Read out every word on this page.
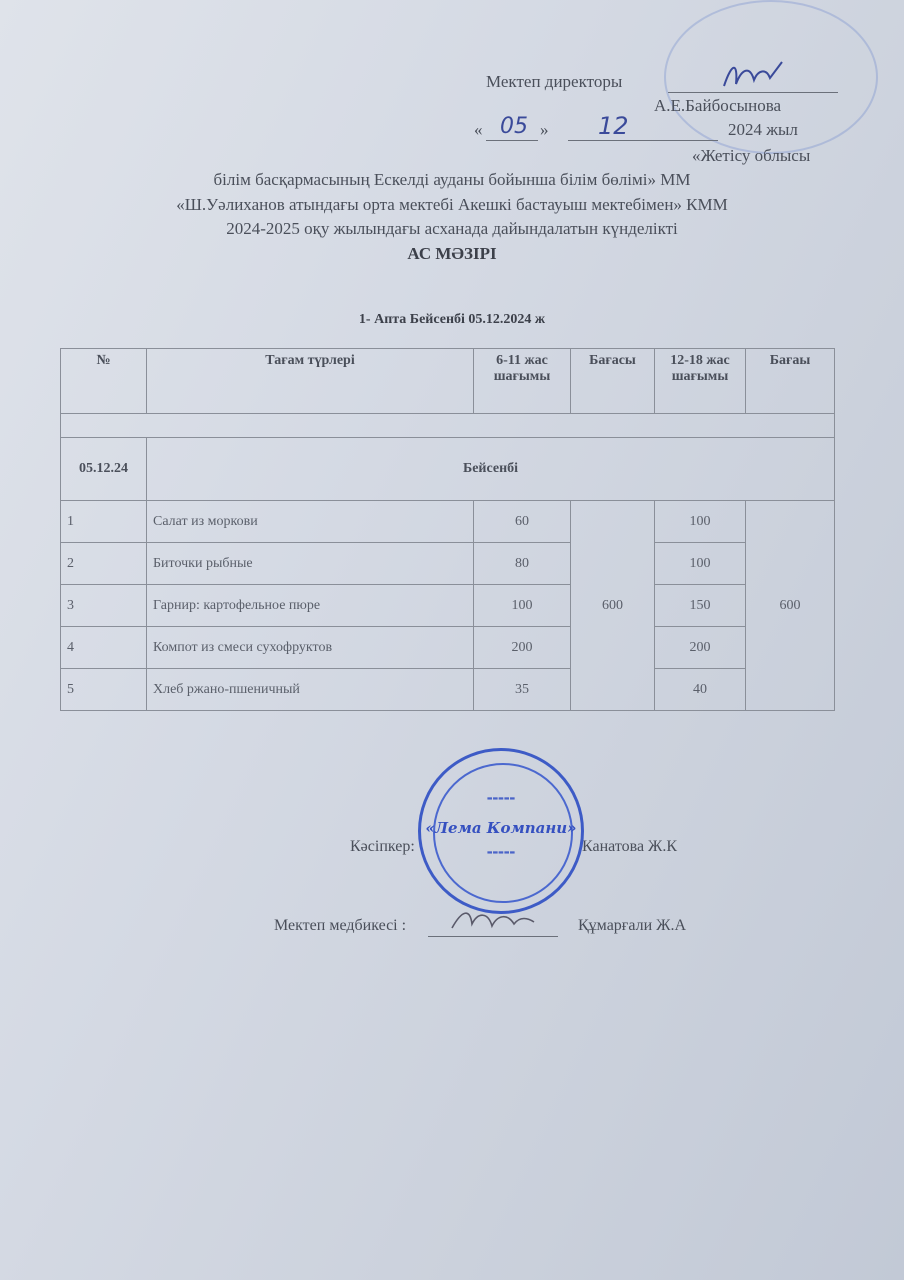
Мектеп директоры
А.Е.Байбосынова
« 05 » 12	2024 жыл
«Жетісу облысы
білім басқармасының Ескелді ауданы бойынша білім бөлімі» ММ
«Ш.Уәлиханов атындағы орта мектебі Акешкі бастауыш мектебімен» КММ
2024-2025 оқу жылындағы асханада дайындалатын күнделікті
АС МӘЗІРІ
1- Апта Бейсенбі 05.12.2024 ж
№	Тағам түрлері	6-11 жас шағымы	Бағасы	12-18 жас шағымы	Бағаы

05.12.24	Бейсенбі				
1	Салат из моркови	60	600	100	600
2	Биточки рыбные	80		100	
3	Гарнир: картофельное пюре	100		150	
4	Компот из смеси сухофруктов	200		200	
5	Хлеб ржано-пшеничный	35		40	
Кәсіпкер:	Канатова Ж.К
▬▬▬▬▬
«Лема Компани»
▬▬▬▬▬
Мектеп медбикесі :	Құмарғали Ж.А
